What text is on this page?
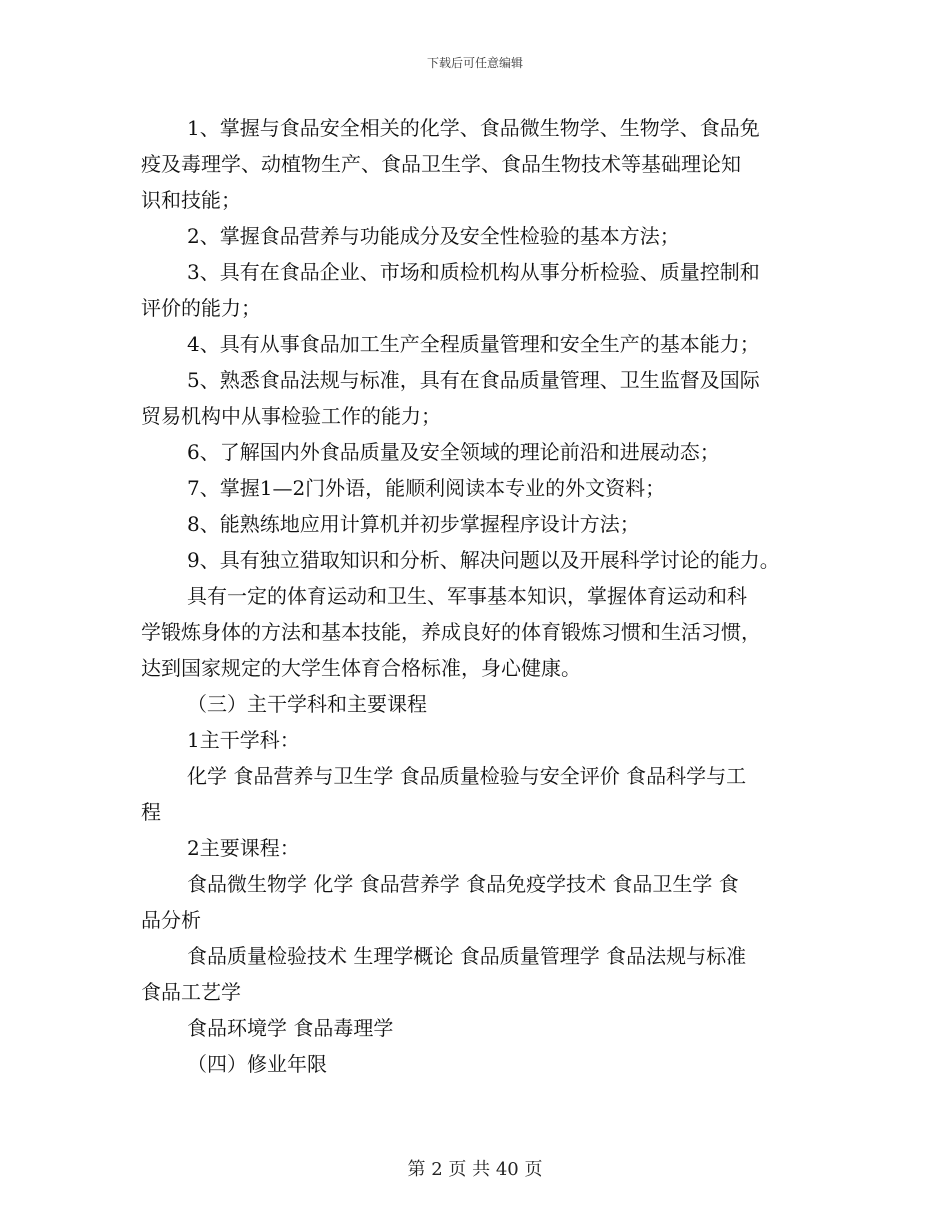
下载后可任意编辑

1、掌握与食品安全相关的化学、食品微生物学、生物学、食品免

疫及毒理学、动植物生产、食品卫生学、食品生物技术等基础理论知

识和技能；

2、掌握食品营养与功能成分及安全性检验的基本方法；

3、具有在食品企业、市场和质检机构从事分析检验、质量控制和

评价的能力；

4、具有从事食品加工生产全程质量管理和安全生产的基本能力；

5、熟悉食品法规与标准，具有在食品质量管理、卫生监督及国际

贸易机构中从事检验工作的能力；

6、了解国内外食品质量及安全领域的理论前沿和进展动态；

7、掌握1—2门外语，能顺利阅读本专业的外文资料；

8、能熟练地应用计算机并初步掌握程序设计方法；

9、具有独立猎取知识和分析、解决问题以及开展科学讨论的能力。

具有一定的体育运动和卫生、军事基本知识，掌握体育运动和科

学锻炼身体的方法和基本技能，养成良好的体育锻炼习惯和生活习惯，

达到国家规定的大学生体育合格标准，身心健康。

（三）主干学科和主要课程

1主干学科：

化学 食品营养与卫生学 食品质量检验与安全评价 食品科学与工

程

2主要课程：

食品微生物学 化学 食品营养学 食品免疫学技术 食品卫生学 食

品分析

食品质量检验技术 生理学概论 食品质量管理学 食品法规与标准

食品工艺学

食品环境学 食品毒理学

（四）修业年限

第 2 页 共 40 页
